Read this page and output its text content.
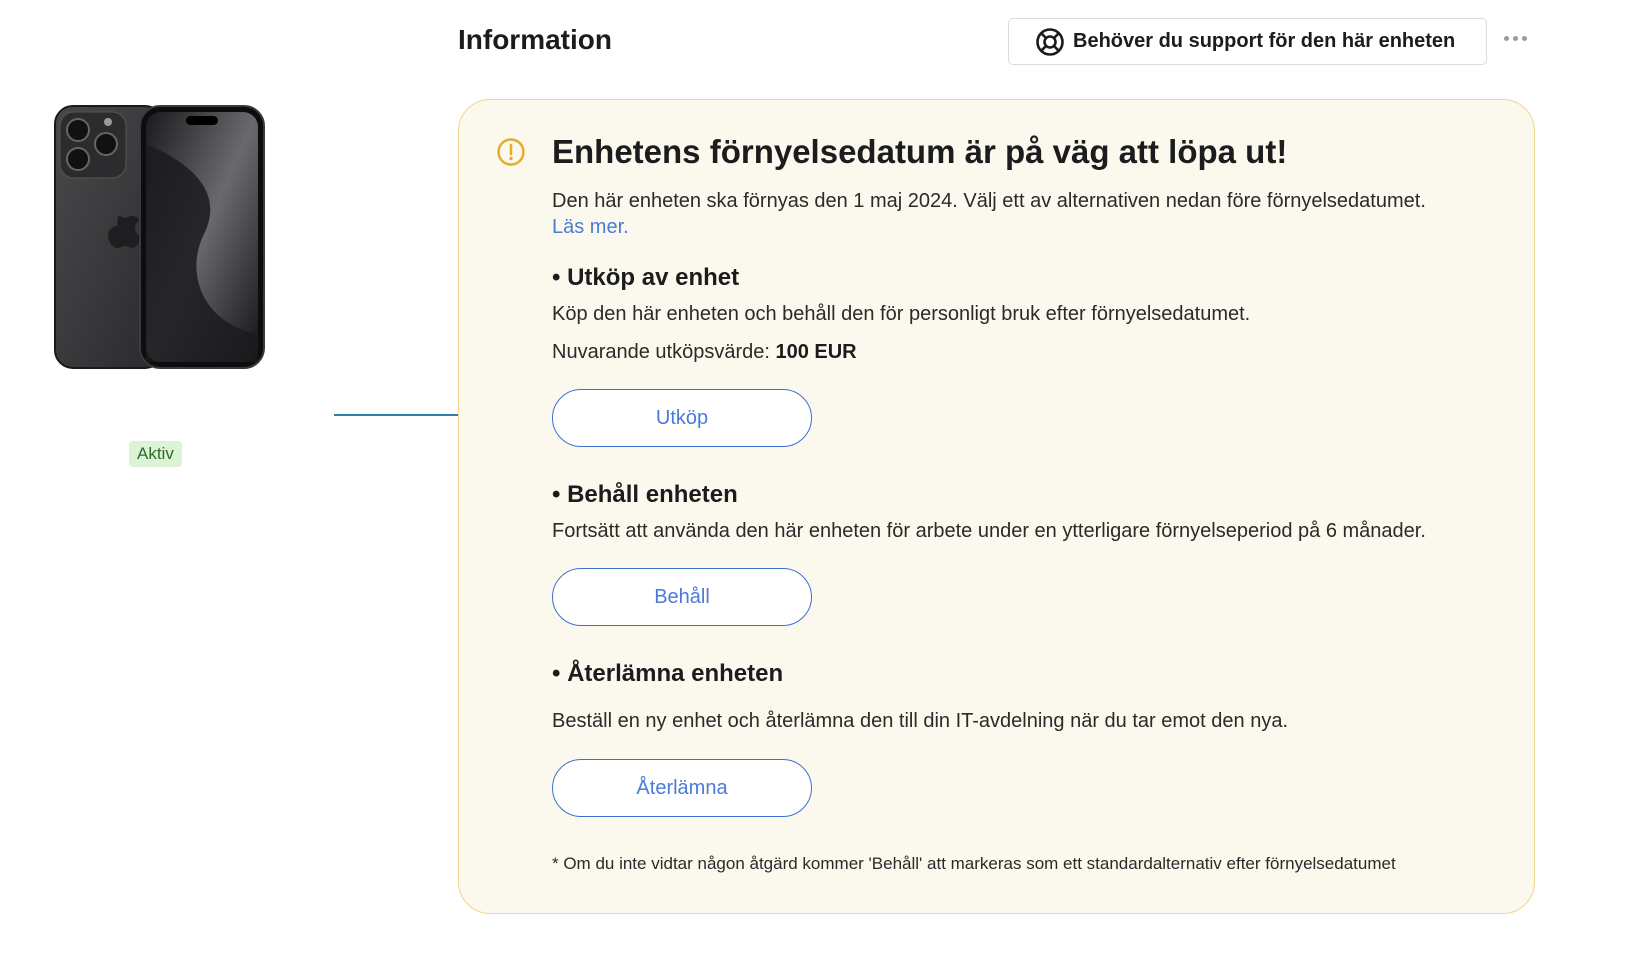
Aktiv
Information	Behöver du support för den här enheten
Enhetens förnyelsedatum är på väg att löpa ut!
Den här enheten ska förnyas den 1 maj 2024. Välj ett av alternativen nedan före förnyelsedatumet.
Läs mer.
• Utköp av enhet
Köp den här enheten och behåll den för personligt bruk efter förnyelsedatumet.
Nuvarande utköpsvärde: 100 EUR
Utköp
• Behåll enheten
Fortsätt att använda den här enheten för arbete under en ytterligare förnyelseperiod på 6 månader.
Behåll
• Återlämna enheten
Beställ en ny enhet och återlämna den till din IT-avdelning när du tar emot den nya.
Återlämna
* Om du inte vidtar någon åtgärd kommer 'Behåll' att markeras som ett standardalternativ efter förnyelsedatumet
